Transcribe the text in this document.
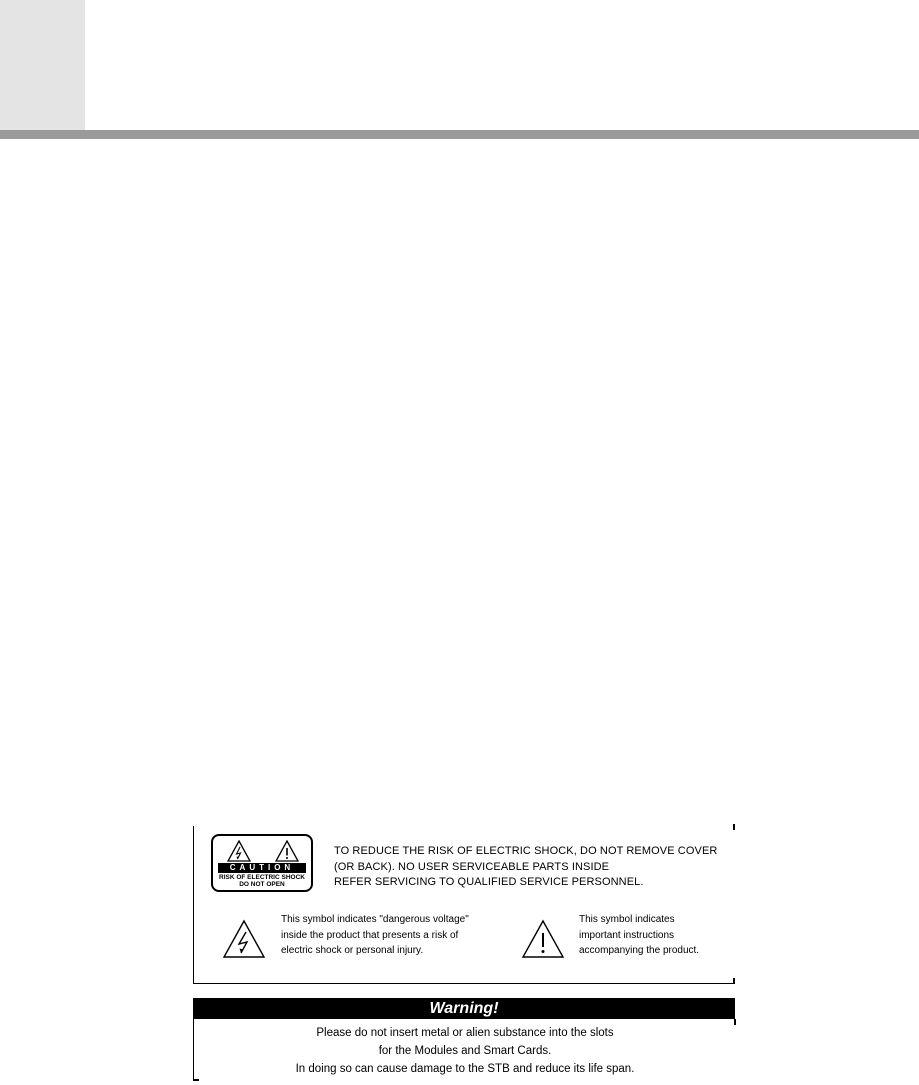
CAUTION
RISK OF ELECTRIC SHOCK
DO NOT OPEN
TO REDUCE THE RISK OF ELECTRIC SHOCK, DO NOT REMOVE COVER
(OR BACK). NO USER SERVICEABLE PARTS INSIDE
REFER SERVICING TO QUALIFIED SERVICE PERSONNEL.
This symbol indicates "dangerous voltage"
inside the product that presents a risk of
electric shock or personal injury.
This symbol indicates
important instructions
accompanying the product.
Warning!
Please do not insert metal or alien substance into the slots
for the Modules and Smart Cards.
In doing so can cause damage to the STB and reduce its life span.
